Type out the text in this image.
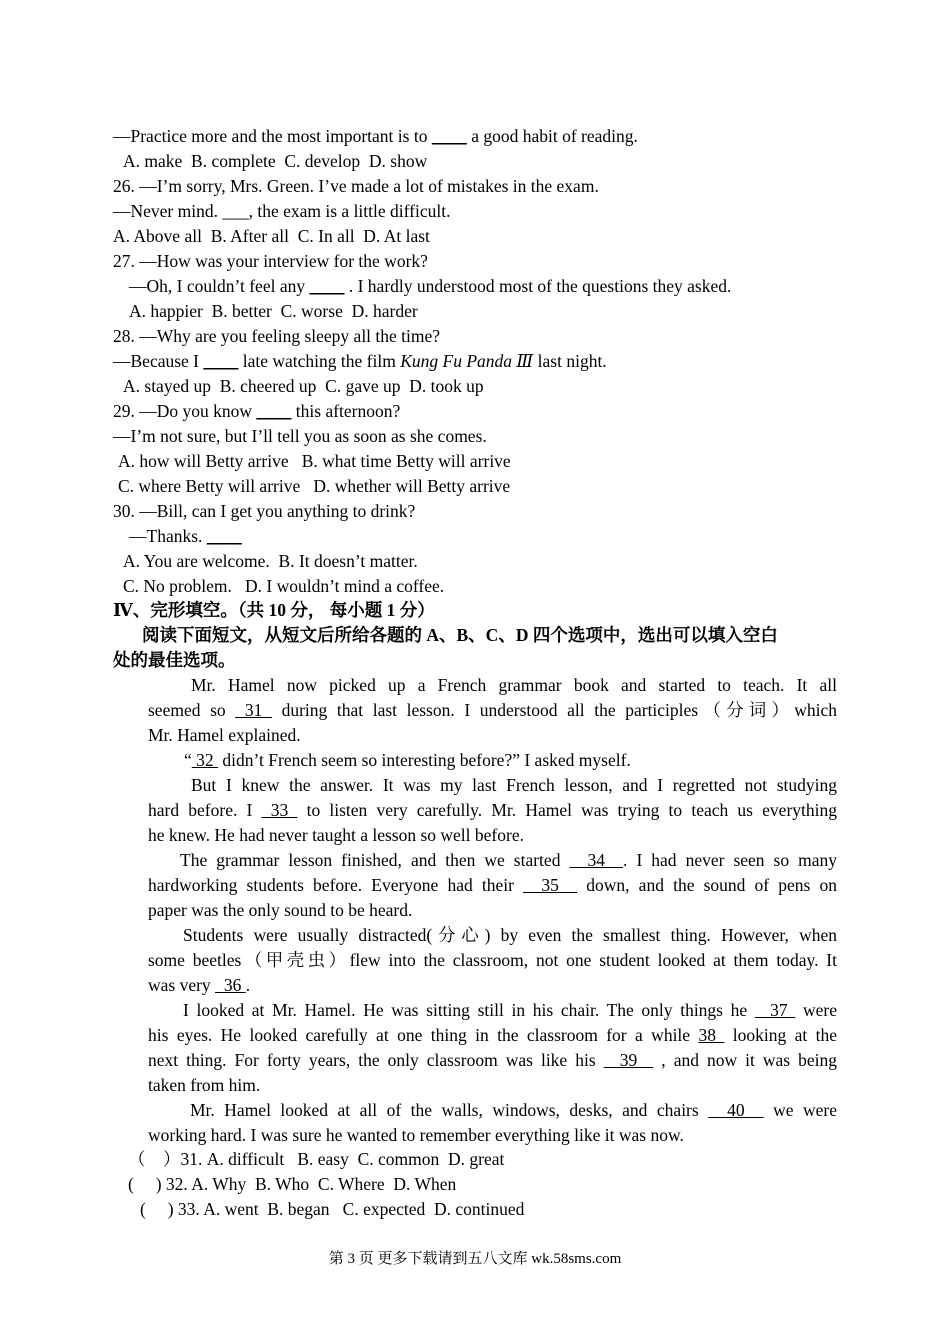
—Practice more and the most important is to ____ a good habit of reading.
A. make  B. complete  C. develop  D. show
26. —I’m sorry, Mrs. Green. I’ve made a lot of mistakes in the exam.
—Never mind. ___, the exam is a little difficult.
A. Above all  B. After all  C. In all  D. At last
27. —How was your interview for the work?
—Oh, I couldn’t feel any ____ . I hardly understood most of the questions they asked.
A. happier  B. better  C. worse  D. harder
28. —Why are you feeling sleepy all the time?
—Because I ____ late watching the film Kung Fu Panda Ⅲ last night.
A. stayed up  B. cheered up  C. gave up  D. took up
29. —Do you know ____ this afternoon?
—I’m not sure, but I’ll tell you as soon as she comes.
A. how will Betty arrive   B. what time Betty will arrive
C. where Betty will arrive   D. whether will Betty arrive
30. —Bill, can I get you anything to drink?
—Thanks. ____
A. You are welcome.  B. It doesn’t matter.
C. No problem.   D. I wouldn’t mind a coffee.
Ⅳ、完形填空。（共 10 分， 每小题 1 分）
阅读下面短文，从短文后所给各题的 A、B、C、D 四个选项中，选出可以填入空白
处的最佳选项。
Mr. Hamel now picked up a French grammar book and started to teach. It all
seemed so  31  during that last lesson. I understood all the participles（分词）which
Mr. Hamel explained.
“ 32  didn’t French seem so interesting before?” I asked myself.
But I knew the answer. It was my last French lesson, and I regretted not studying
hard before. I  33  to listen very carefully. Mr. Hamel was trying to teach us everything
he knew. He had never taught a lesson so well before.
The grammar lesson finished, and then we started   34  . I had never seen so many
hardworking students before. Everyone had their   35   down, and the sound of pens on
paper was the only sound to be heard.
Students were usually distracted(分心) by even the smallest thing. However, when
some beetles（甲壳虫）flew into the classroom, not one student looked at them today. It
was very   36 .
I looked at Mr. Hamel. He was sitting still in his chair. The only things he   37  were
his eyes. He looked carefully at one thing in the classroom for a while 38  looking at the
next thing. For forty years, the only classroom was like his   39   , and now it was being
taken from him.
Mr. Hamel looked at all of the walls, windows, desks, and chairs   40   we were
working hard. I was sure he wanted to remember everything like it was now.
（    ）31. A. difficult   B. easy  C. common  D. great
(     ) 32. A. Why  B. Who  C. Where  D. When
(     ) 33. A. went  B. began   C. expected  D. continued
第 3 页 更多下载请到五八文库 wk.58sms.com
